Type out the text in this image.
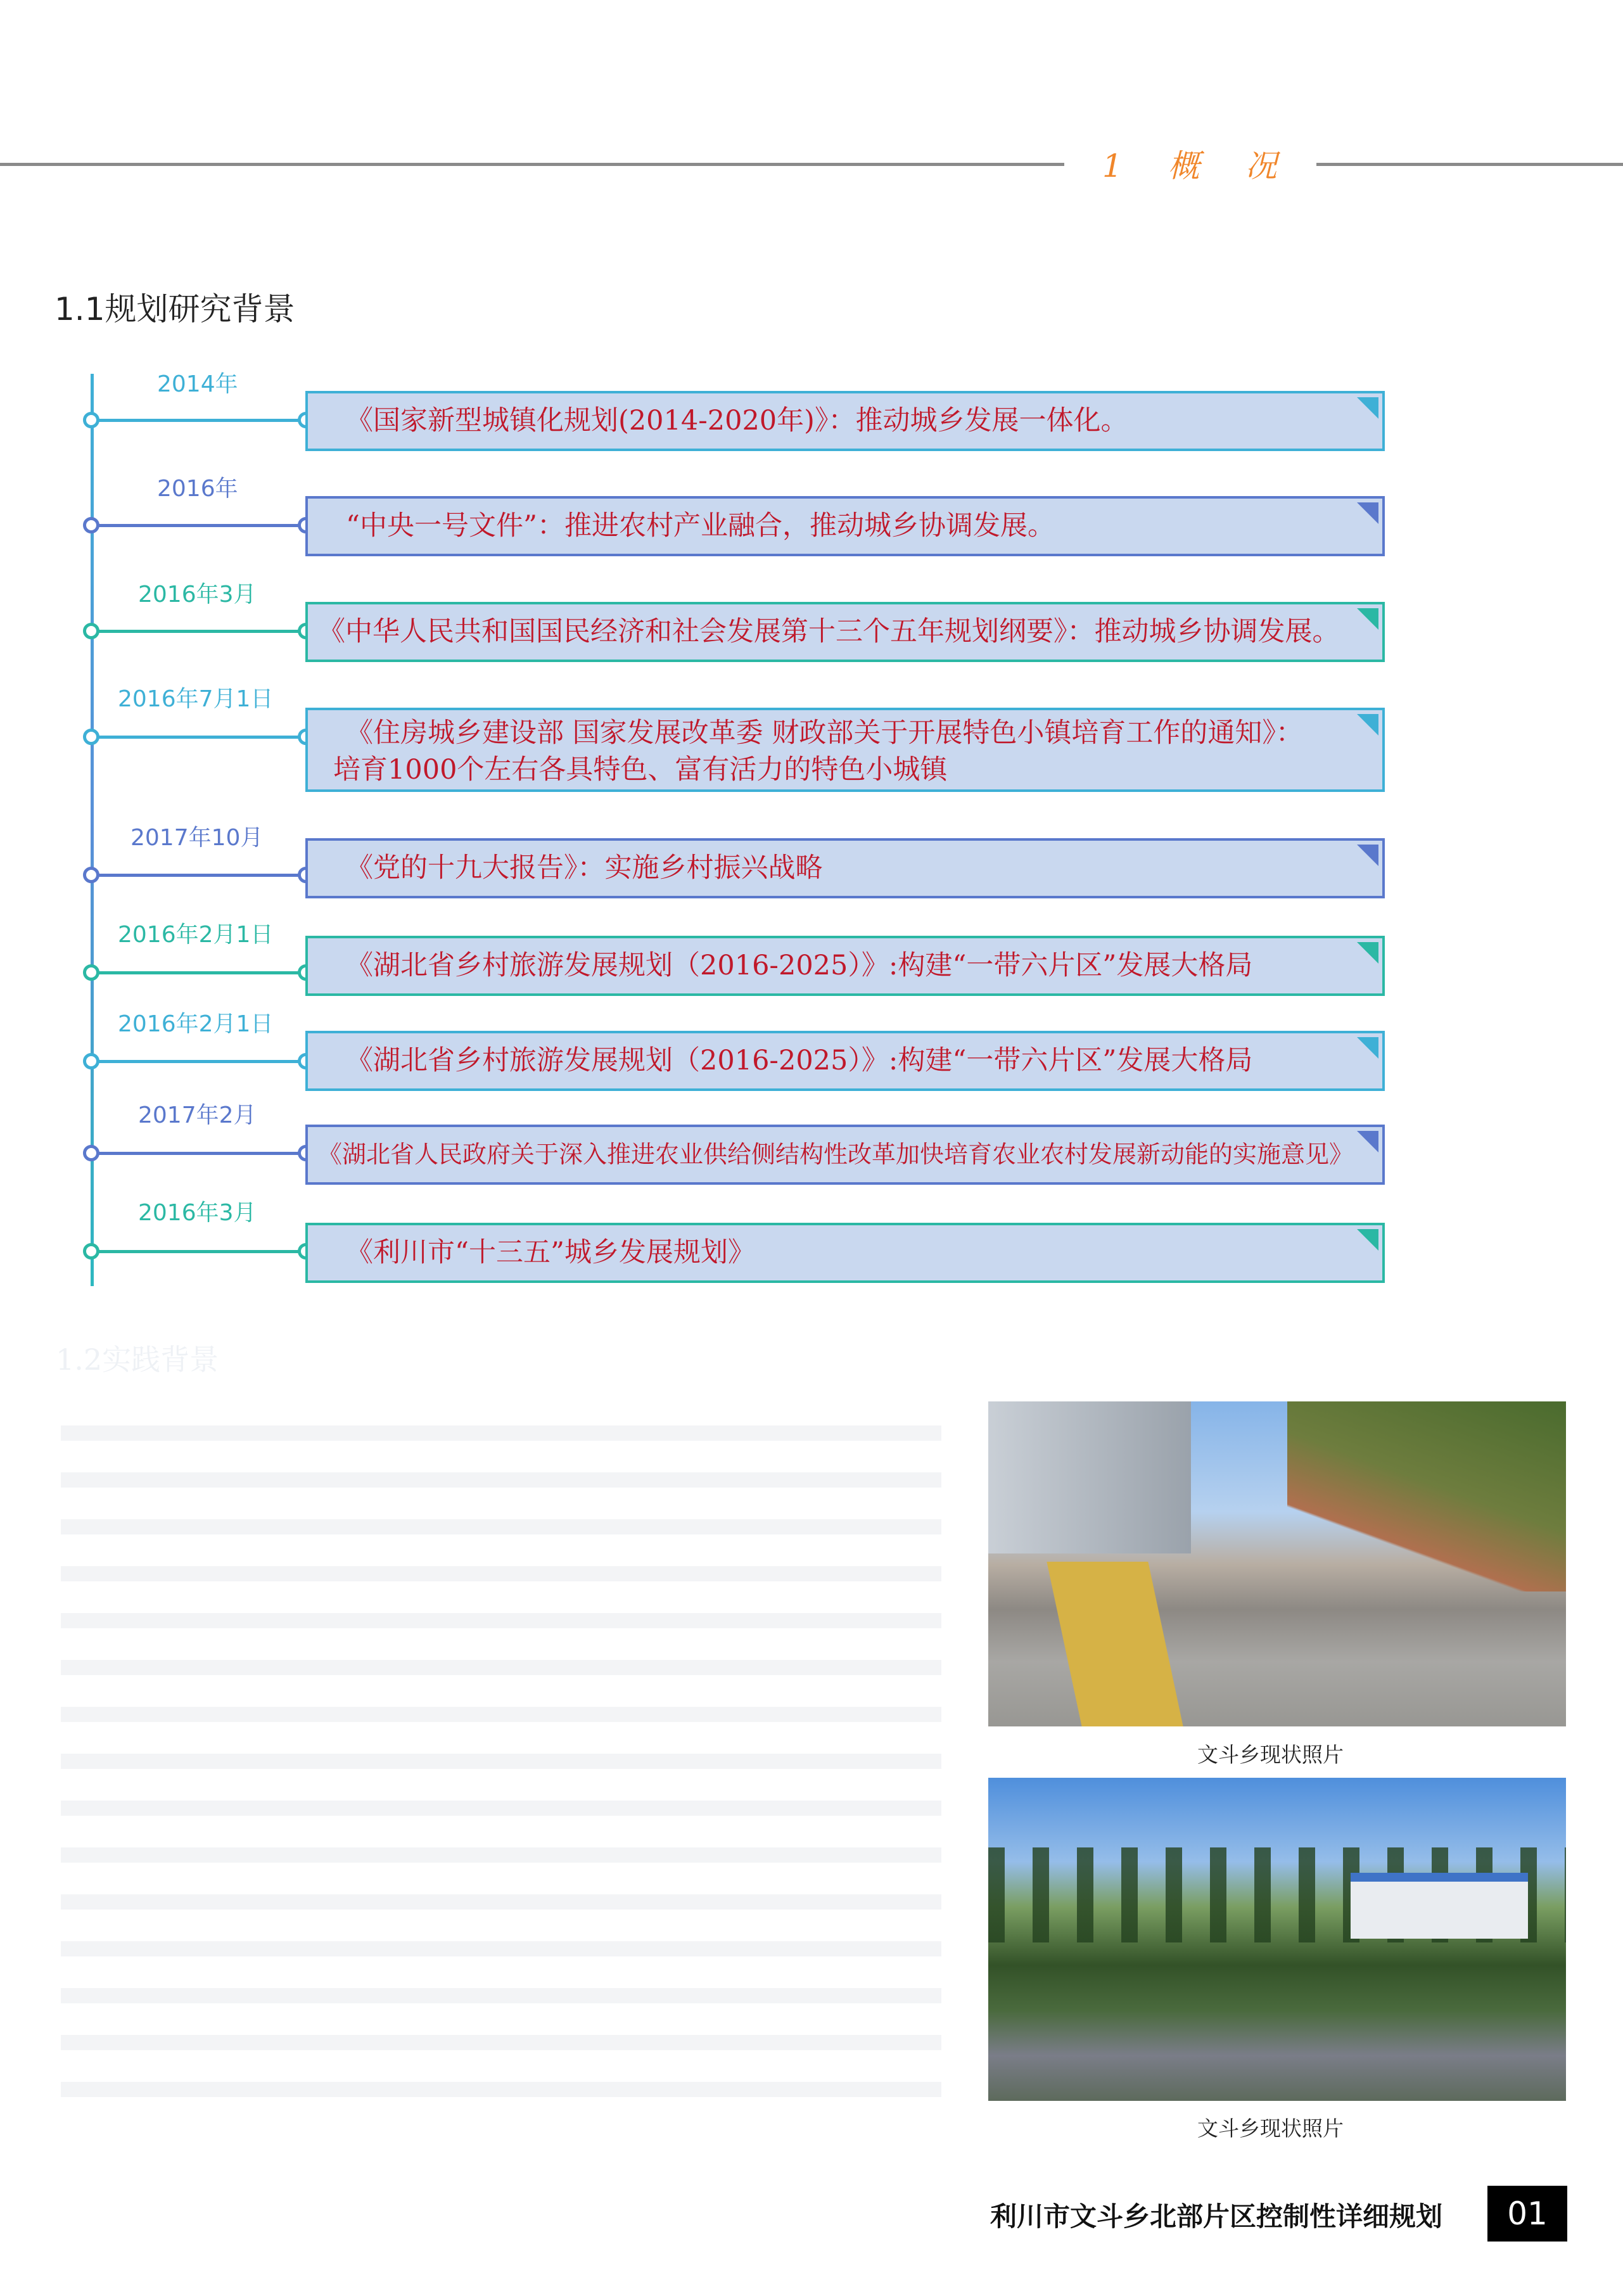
1 概 况
1.1规划研究背景
2014年
《国家新型城镇化规划(2014-2020年)》：推动城乡发展一体化。
2016年
“中央一号文件”：推进农村产业融合，推动城乡协调发展。
2016年3月
《中华人民共和国国民经济和社会发展第十三个五年规划纲要》：推动城乡协调发展。
2016年7月1日
《住房城乡建设部 国家发展改革委 财政部关于开展特色小镇培育工作的通知》：
培育1000个左右各具特色、富有活力的特色小城镇
2017年10月
《党的十九大报告》：实施乡村振兴战略
2016年2月1日
《湖北省乡村旅游发展规划（2016-2025）》:构建“一带六片区”发展大格局
2016年2月1日
《湖北省乡村旅游发展规划（2016-2025）》:构建“一带六片区”发展大格局
2017年2月
《湖北省人民政府关于深入推进农业供给侧结构性改革加快培育农业农村发展新动能的实施意见》
2016年3月
《利川市“十三五”城乡发展规划》
1.2实践背景
文斗乡现状照片
文斗乡现状照片
利川市文斗乡北部片区控制性详细规划	01
